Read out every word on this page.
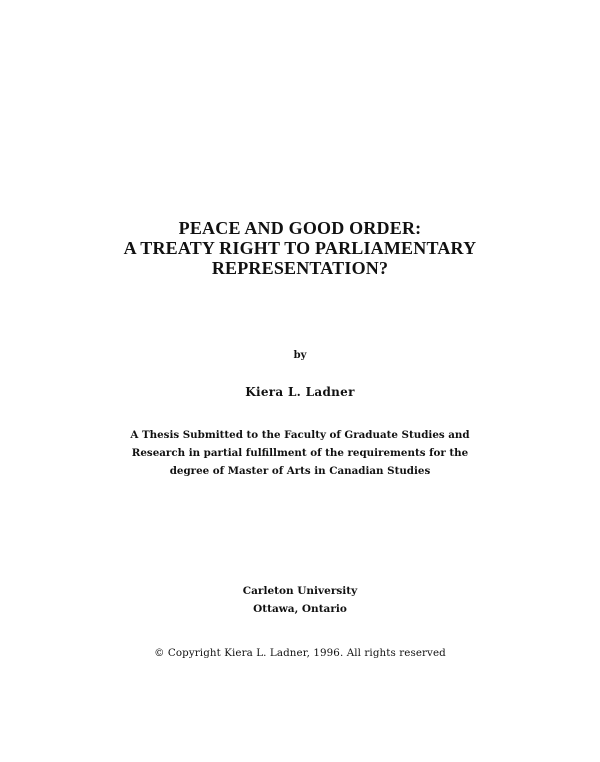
PEACE AND GOOD ORDER:
A TREATY RIGHT TO PARLIAMENTARY
REPRESENTATION?
by
Kiera L. Ladner
A Thesis Submitted to the Faculty of Graduate Studies and
Research in partial fulfillment of the requirements for the
degree of Master of Arts in Canadian Studies
Carleton University
Ottawa, Ontario
© Copyright Kiera L. Ladner, 1996. All rights reserved
